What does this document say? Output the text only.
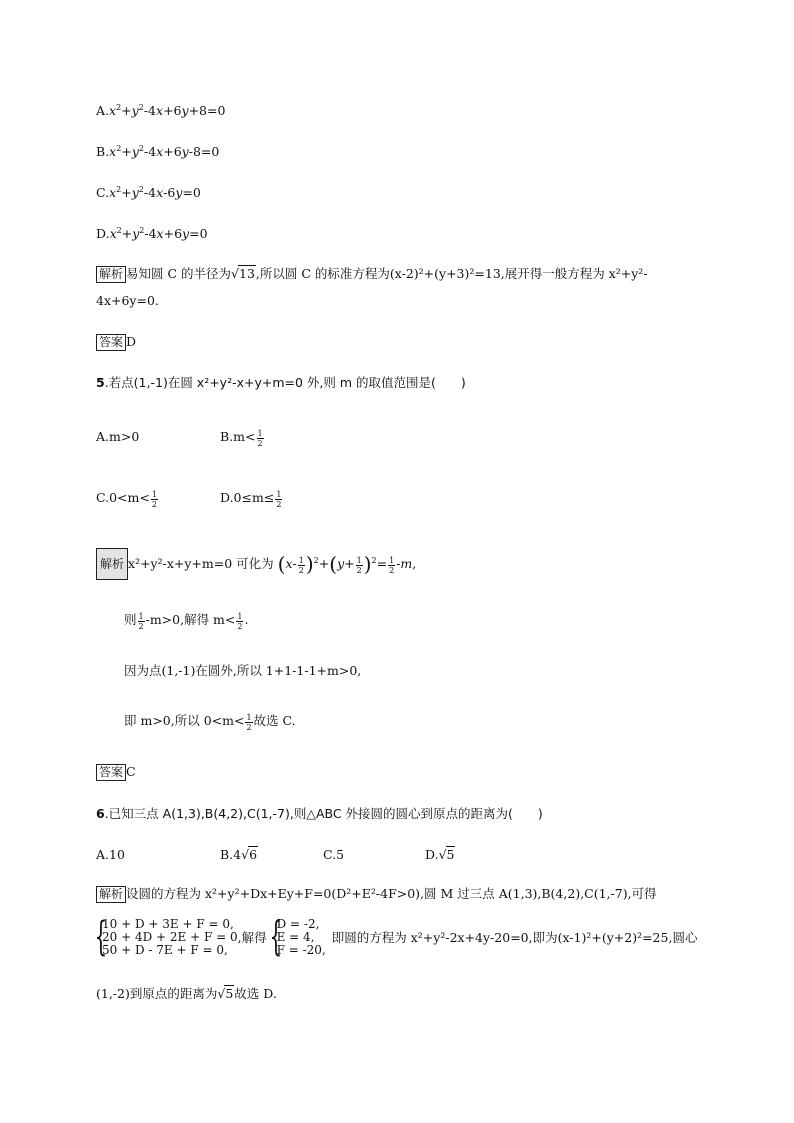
$A.x^2+y^2-4x+6y+8=0$
$B.x^2+y^2-4x+6y-8=0$
$C.x^2+y^2-4x-6y=0$
$D.x^2+y^2-4x+6y=0$
解析 易知圆 C 的半径为√13,所以圆 C 的标准方程为(x-2)²+(y+3)²=13,展开得一般方程为 x²+y²-
4x+6y=0.
答案 D
5.若点(1,-1)在圆 x²+y²-x+y+m=0 外,则 m 的取值范围是(　　)
A.m>0	$B.m< \frac{1}{2}$
$C.0<m< \frac{1}{2}$	$D.0\le m\le \frac{1}{2}$
解析 x²+y²-x+y+m=0 可化为 $(x- \frac{1}{2} )^2+(y+ \frac{1}{2} )^2= \frac{1}{2} -m$,
则 $\frac{1}{2} -m>0$,解得 $m< \frac{1}{2}$ .
因为点(1,-1)在圆外,所以 1+1-1-1+m>0,
即 m>0,所以 $0<m< \frac{1}{2}$ 故选 C.
答案 C
6.已知三点 A(1,3),B(4,2),C(1,-7),则△ABC 外接圆的圆心到原点的距离为(　　)
A.10	B.4√6	C.5	D.√5
解析 设圆的方程为 x²+y²+Dx+Ey+F=0(D²+E²-4F>0),圆 M 过三点 A(1,3),B(4,2),C(1,-7),可得
{
10 + D + 3E + F = 0,
20 + 4D + 2E + F = 0
50 + D - 7E + F = 0,
,解得 {
D = -2,
E = 4,
F = -20,
即圆的方程为 x²+y²-2x+4y-20=0,即为(x-1)²+(y+2)²=25,圆心
(1,-2)到原点的距离为√5故选 D.
